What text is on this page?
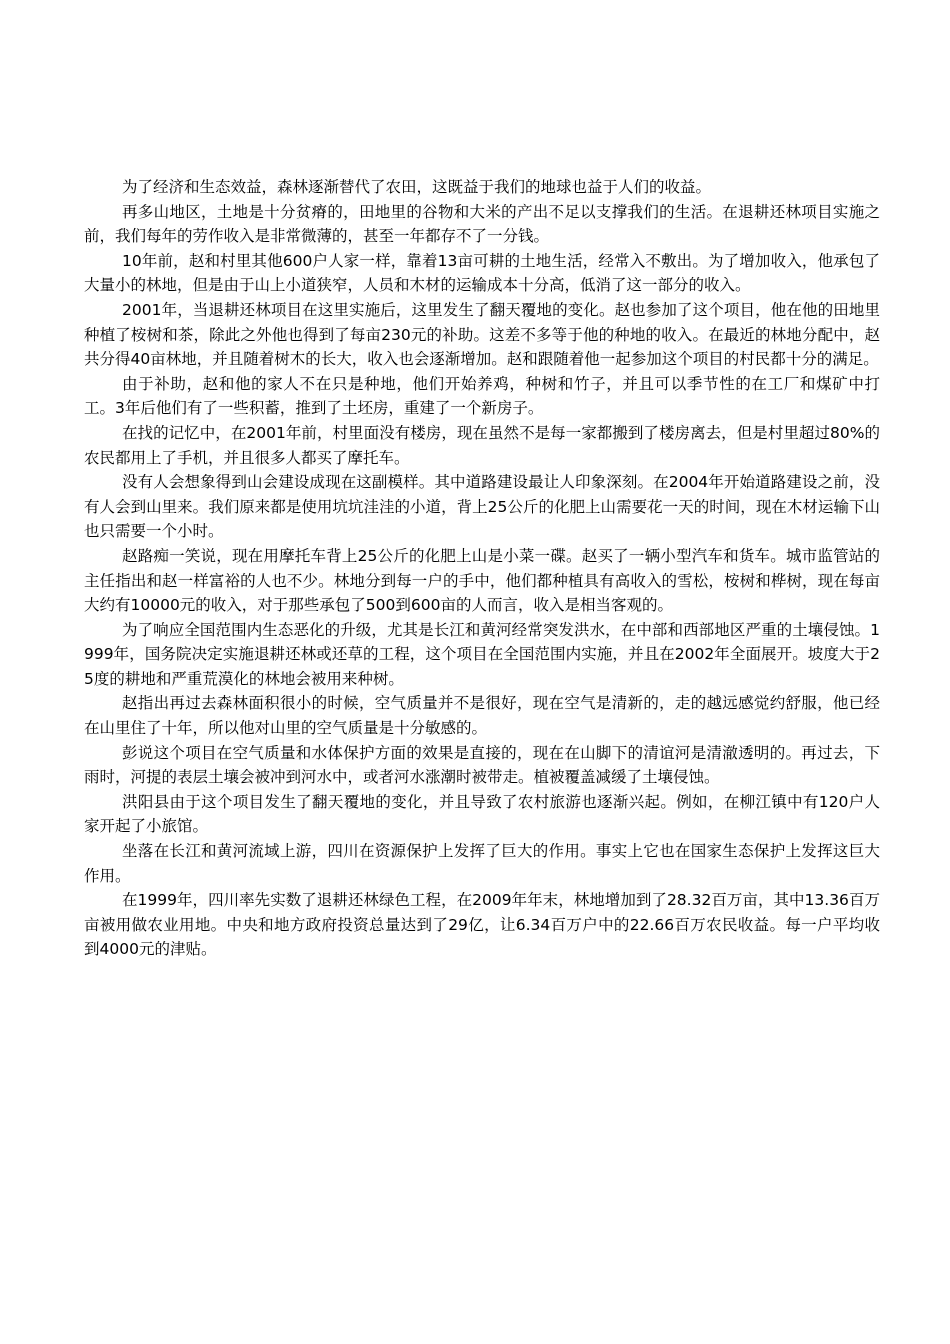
为了经济和生态效益，森林逐渐替代了农田，这既益于我们的地球也益于人们的收益。

再多山地区，土地是十分贫瘠的，田地里的谷物和大米的产出不足以支撑我们的生活。在退耕还林项目实施之前，我们每年的劳作收入是非常微薄的，甚至一年都存不了一分钱。

10年前，赵和村里其他600户人家一样，靠着13亩可耕的土地生活，经常入不敷出。为了增加收入，他承包了大量小的林地，但是由于山上小道狭窄，人员和木材的运输成本十分高，低消了这一部分的收入。

2001年，当退耕还林项目在这里实施后，这里发生了翻天覆地的变化。赵也参加了这个项目，他在他的田地里种植了桉树和茶，除此之外他也得到了每亩230元的补助。这差不多等于他的种地的收入。在最近的林地分配中，赵共分得40亩林地，并且随着树木的长大，收入也会逐渐增加。赵和跟随着他一起参加这个项目的村民都十分的满足。

由于补助，赵和他的家人不在只是种地，他们开始养鸡，种树和竹子，并且可以季节性的在工厂和煤矿中打工。3年后他们有了一些积蓄，推到了土坯房，重建了一个新房子。

在找的记忆中，在2001年前，村里面没有楼房，现在虽然不是每一家都搬到了楼房离去，但是村里超过80%的农民都用上了手机，并且很多人都买了摩托车。

没有人会想象得到山会建设成现在这副模样。其中道路建设最让人印象深刻。在2004年开始道路建设之前，没有人会到山里来。我们原来都是使用坑坑洼洼的小道，背上25公斤的化肥上山需要花一天的时间，现在木材运输下山也只需要一个小时。

赵路痴一笑说，现在用摩托车背上25公斤的化肥上山是小菜一碟。赵买了一辆小型汽车和货车。城市监管站的主任指出和赵一样富裕的人也不少。林地分到每一户的手中，他们都种植具有高收入的雪松，桉树和桦树，现在每亩大约有10000元的收入，对于那些承包了500到600亩的人而言，收入是相当客观的。

为了响应全国范围内生态恶化的升级，尤其是长江和黄河经常突发洪水，在中部和西部地区严重的土壤侵蚀。1999年，国务院决定实施退耕还林或还草的工程，这个项目在全国范围内实施，并且在2002年全面展开。坡度大于25度的耕地和严重荒漠化的林地会被用来种树。

赵指出再过去森林面积很小的时候，空气质量并不是很好，现在空气是清新的，走的越远感觉约舒服，他已经在山里住了十年，所以他对山里的空气质量是十分敏感的。

彭说这个项目在空气质量和水体保护方面的效果是直接的，现在在山脚下的清谊河是清澈透明的。再过去，下雨时，河提的表层土壤会被冲到河水中，或者河水涨潮时被带走。植被覆盖减缓了土壤侵蚀。

洪阳县由于这个项目发生了翻天覆地的变化，并且导致了农村旅游也逐渐兴起。例如，在柳江镇中有120户人家开起了小旅馆。

坐落在长江和黄河流域上游，四川在资源保护上发挥了巨大的作用。事实上它也在国家生态保护上发挥这巨大作用。

在1999年，四川率先实数了退耕还林绿色工程，在2009年年末，林地增加到了28.32百万亩，其中13.36百万亩被用做农业用地。中央和地方政府投资总量达到了29亿，让6.34百万户中的22.66百万农民收益。每一户平均收到4000元的津贴。
